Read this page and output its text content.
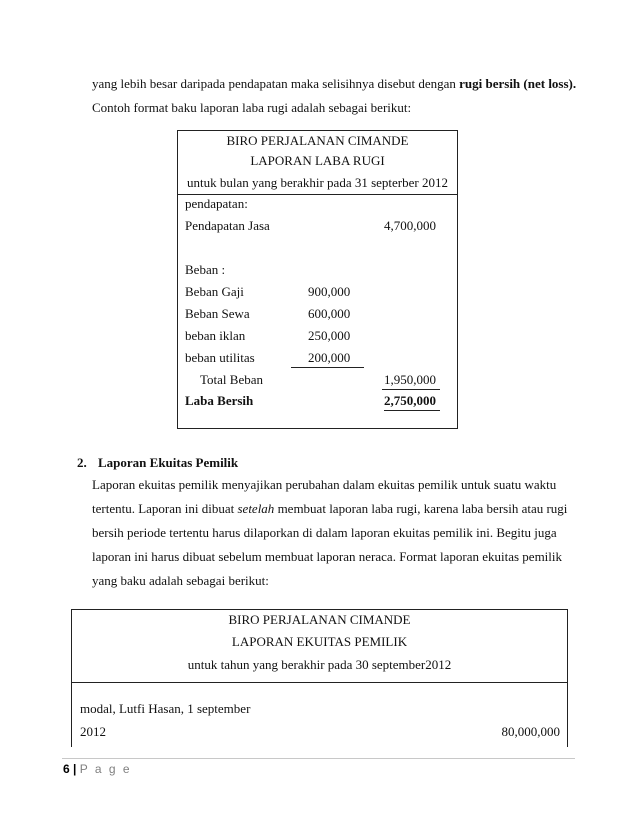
yang lebih besar daripada pendapatan maka selisihnya disebut dengan rugi bersih (net loss).
Contoh format baku laporan laba rugi adalah sebagai berikut:
BIRO PERJALANAN CIMANDE
LAPORAN LABA RUGI
untuk bulan yang berakhir pada 31 septerber 2012
pendapatan:
Pendapatan Jasa	4,700,000
Beban :
Beban Gaji	900,000
Beban Sewa	600,000
beban iklan	250,000
beban utilitas	200,000
Total Beban	1,950,000
Laba Bersih	2,750,000
2. Laporan Ekuitas Pemilik
Laporan ekuitas pemilik menyajikan perubahan dalam ekuitas pemilik untuk suatu waktu
tertentu. Laporan ini dibuat setelah membuat laporan laba rugi, karena laba bersih atau rugi
bersih periode tertentu harus dilaporkan di dalam laporan ekuitas pemilik ini. Begitu juga
laporan ini harus dibuat sebelum membuat laporan neraca. Format laporan ekuitas pemilik
yang baku adalah sebagai berikut:
BIRO PERJALANAN CIMANDE
LAPORAN EKUITAS PEMILIK
untuk tahun yang berakhir pada 30 september2012
modal, Lutfi Hasan, 1 september
2012	80,000,000
6 | P a g e
